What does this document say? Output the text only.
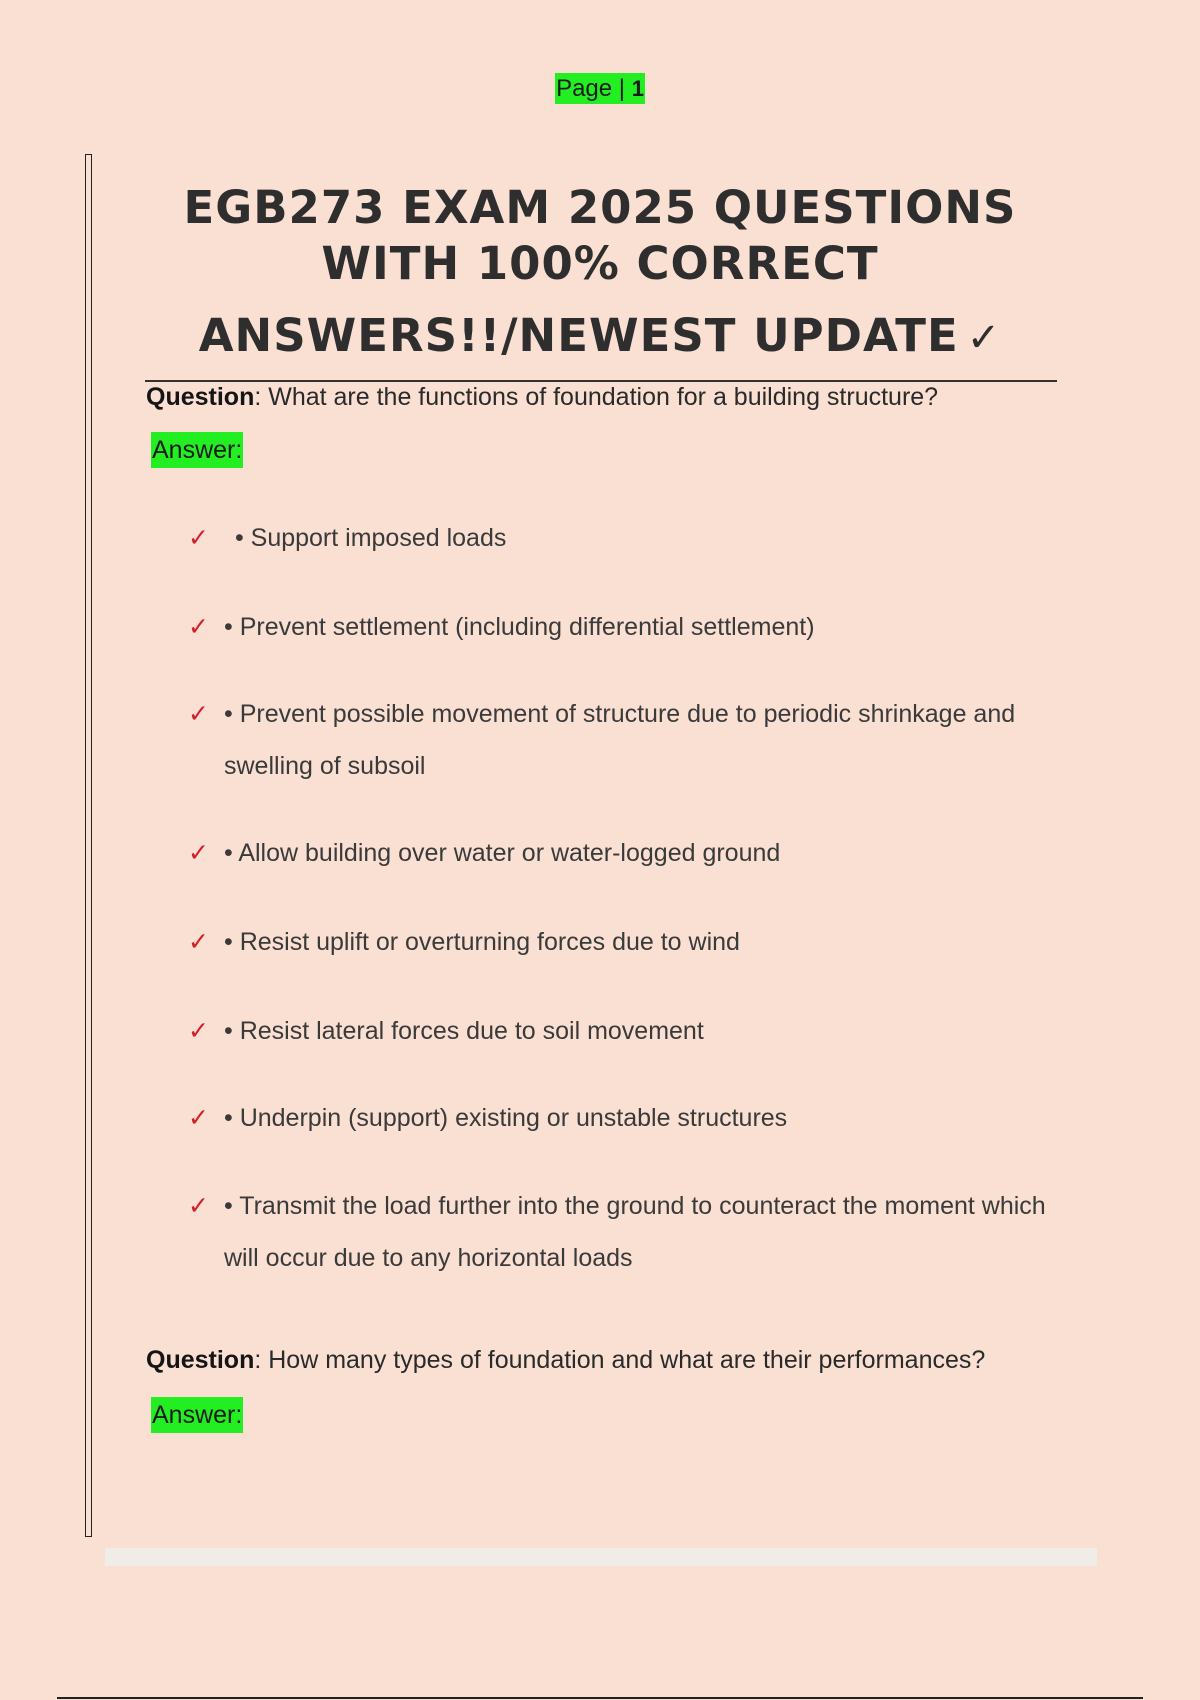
Page | 1
EGB273 EXAM 2025 QUESTIONS
WITH 100% CORRECT
ANSWERS!!/NEWEST UPDATE ✓
Question: What are the functions of foundation for a building structure?
Answer:
✓ • Support imposed loads
✓ • Prevent settlement (including differential settlement)
✓ • Prevent possible movement of structure due to periodic shrinkage and swelling of subsoil
✓ • Allow building over water or water-logged ground
✓ • Resist uplift or overturning forces due to wind
✓ • Resist lateral forces due to soil movement
✓ • Underpin (support) existing or unstable structures
✓ • Transmit the load further into the ground to counteract the moment which will occur due to any horizontal loads
Question: How many types of foundation and what are their performances?
Answer:
